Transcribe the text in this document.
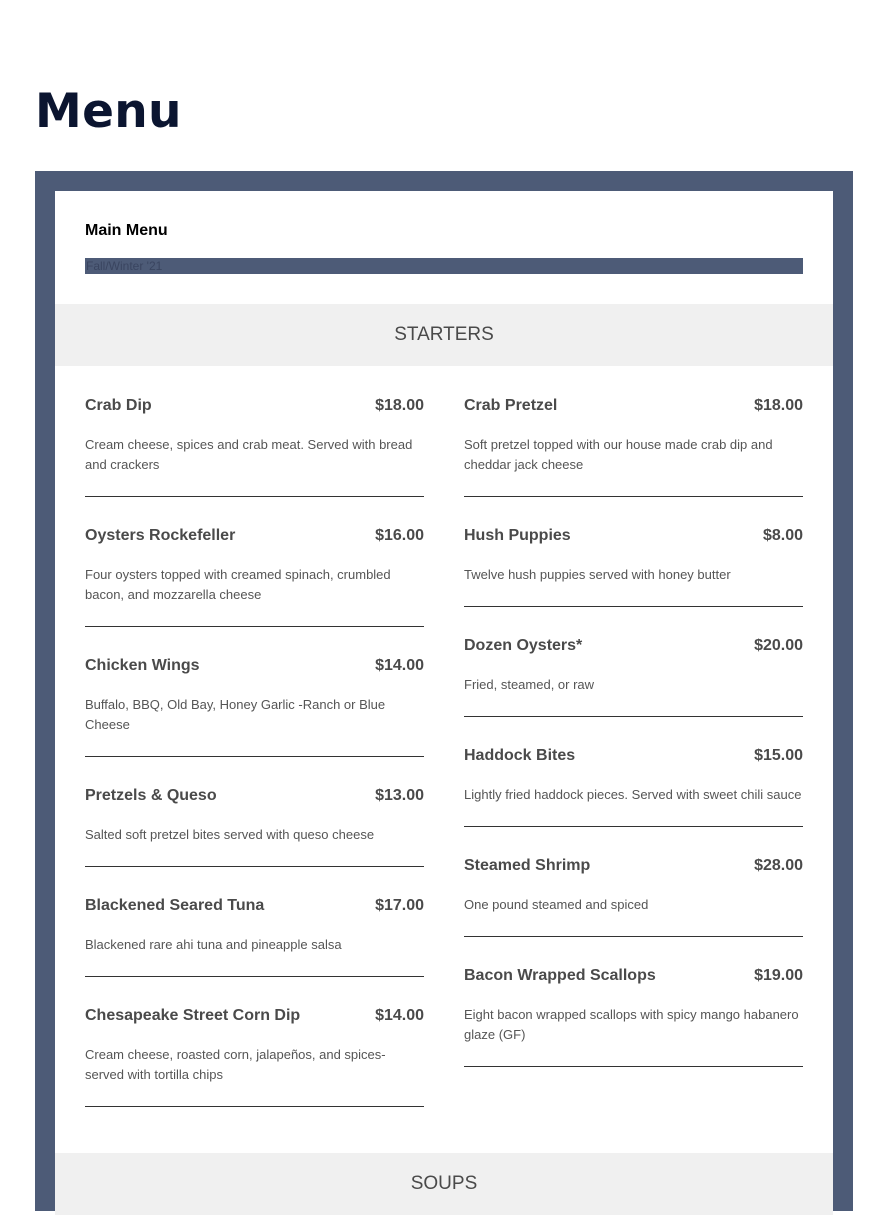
Menu
Main Menu
Fall/Winter '21
STARTERS
Crab Dip	$18.00
Cream cheese, spices and crab meat. Served with bread and crackers
Oysters Rockefeller	$16.00
Four oysters topped with creamed spinach, crumbled bacon, and mozzarella cheese
Chicken Wings	$14.00
Buffalo, BBQ, Old Bay, Honey Garlic -Ranch or Blue Cheese
Pretzels & Queso	$13.00
Salted soft pretzel bites served with queso cheese
Blackened Seared Tuna	$17.00
Blackened rare ahi tuna and pineapple salsa
Chesapeake Street Corn Dip	$14.00
Cream cheese, roasted corn, jalapeños, and spices- served with tortilla chips
Crab Pretzel	$18.00
Soft pretzel topped with our house made crab dip and cheddar jack cheese
Hush Puppies	$8.00
Twelve hush puppies served with honey butter
Dozen Oysters*	$20.00
Fried, steamed, or raw
Haddock Bites	$15.00
Lightly fried haddock pieces. Served with sweet chili sauce
Steamed Shrimp	$28.00
One pound steamed and spiced
Bacon Wrapped Scallops	$19.00
Eight bacon wrapped scallops with spicy mango habanero glaze (GF)
SOUPS
